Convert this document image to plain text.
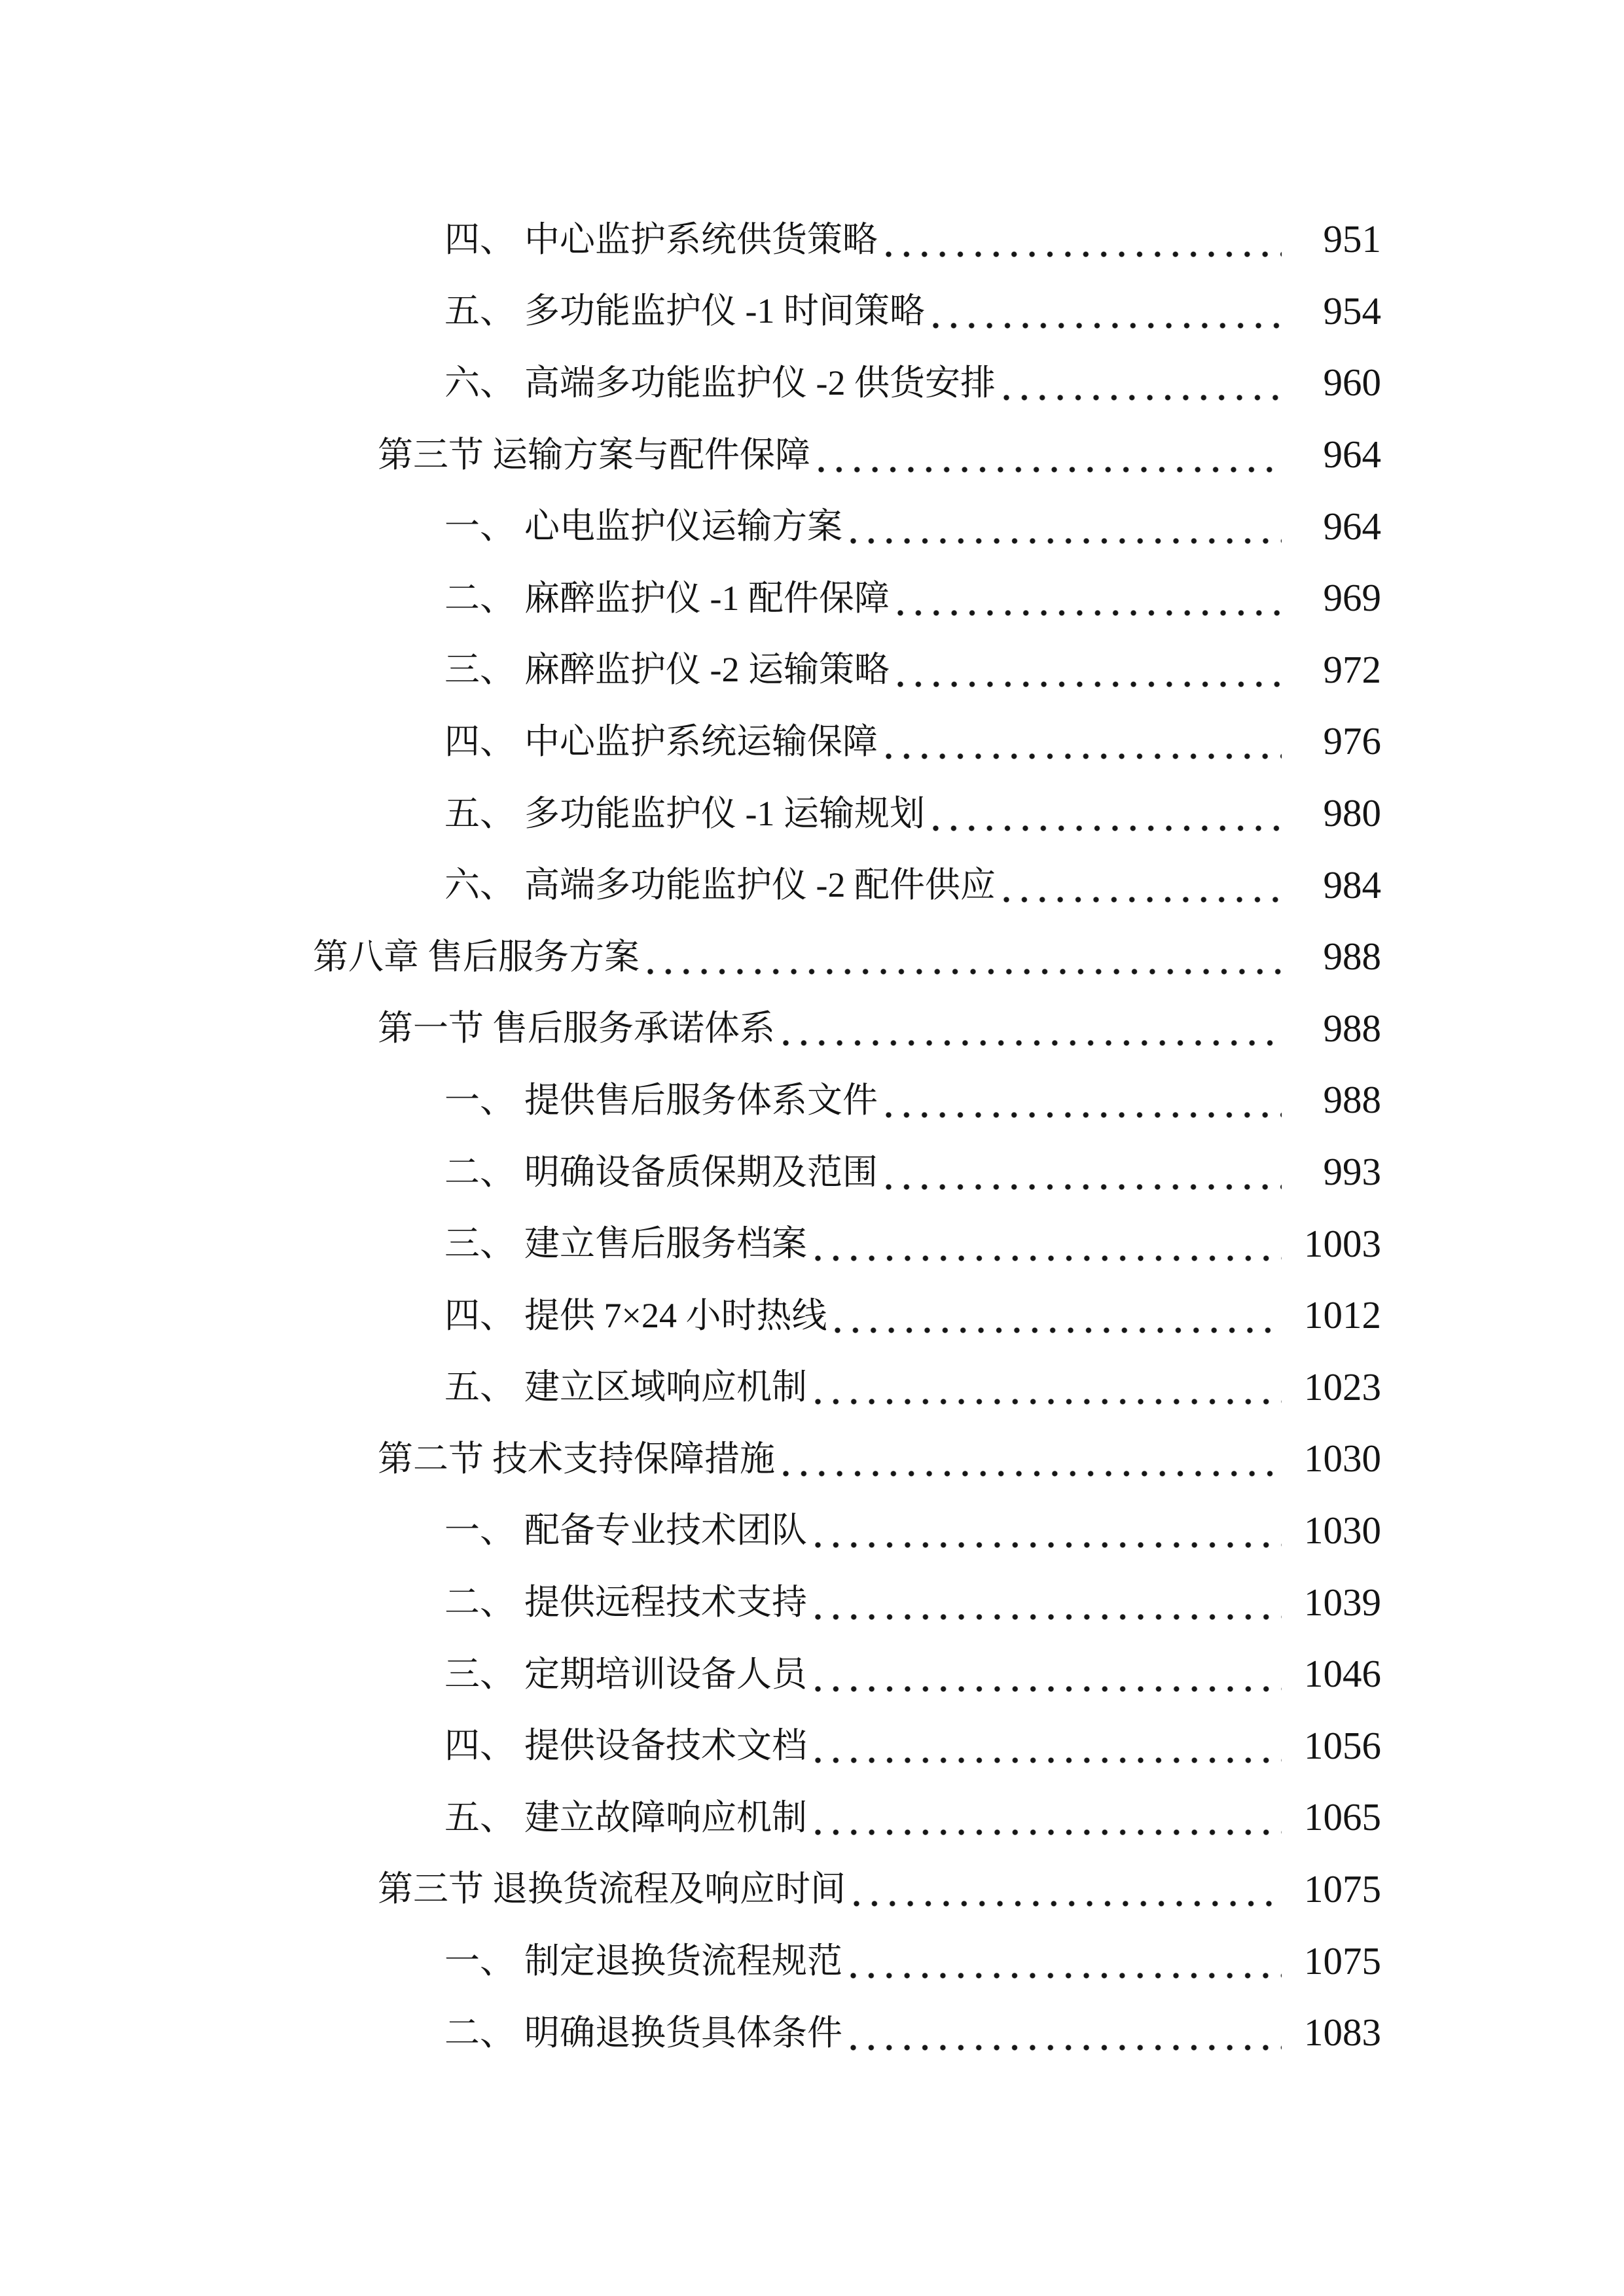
四、 中心监护系统供货策略	951
五、 多功能监护仪 -1 时间策略	954
六、 高端多功能监护仪 -2 供货安排	960
第三节 运输方案与配件保障	964
一、 心电监护仪运输方案	964
二、 麻醉监护仪 -1 配件保障	969
三、 麻醉监护仪 -2 运输策略	972
四、 中心监护系统运输保障	976
五、 多功能监护仪 -1 运输规划	980
六、 高端多功能监护仪 -2 配件供应	984
第八章 售后服务方案	988
第一节 售后服务承诺体系	988
一、 提供售后服务体系文件	988
二、 明确设备质保期及范围	993
三、 建立售后服务档案	1003
四、 提供 7×24 小时热线	1012
五、 建立区域响应机制	1023
第二节 技术支持保障措施	1030
一、 配备专业技术团队	1030
二、 提供远程技术支持	1039
三、 定期培训设备人员	1046
四、 提供设备技术文档	1056
五、 建立故障响应机制	1065
第三节 退换货流程及响应时间	1075
一、 制定退换货流程规范	1075
二、 明确退换货具体条件	1083
